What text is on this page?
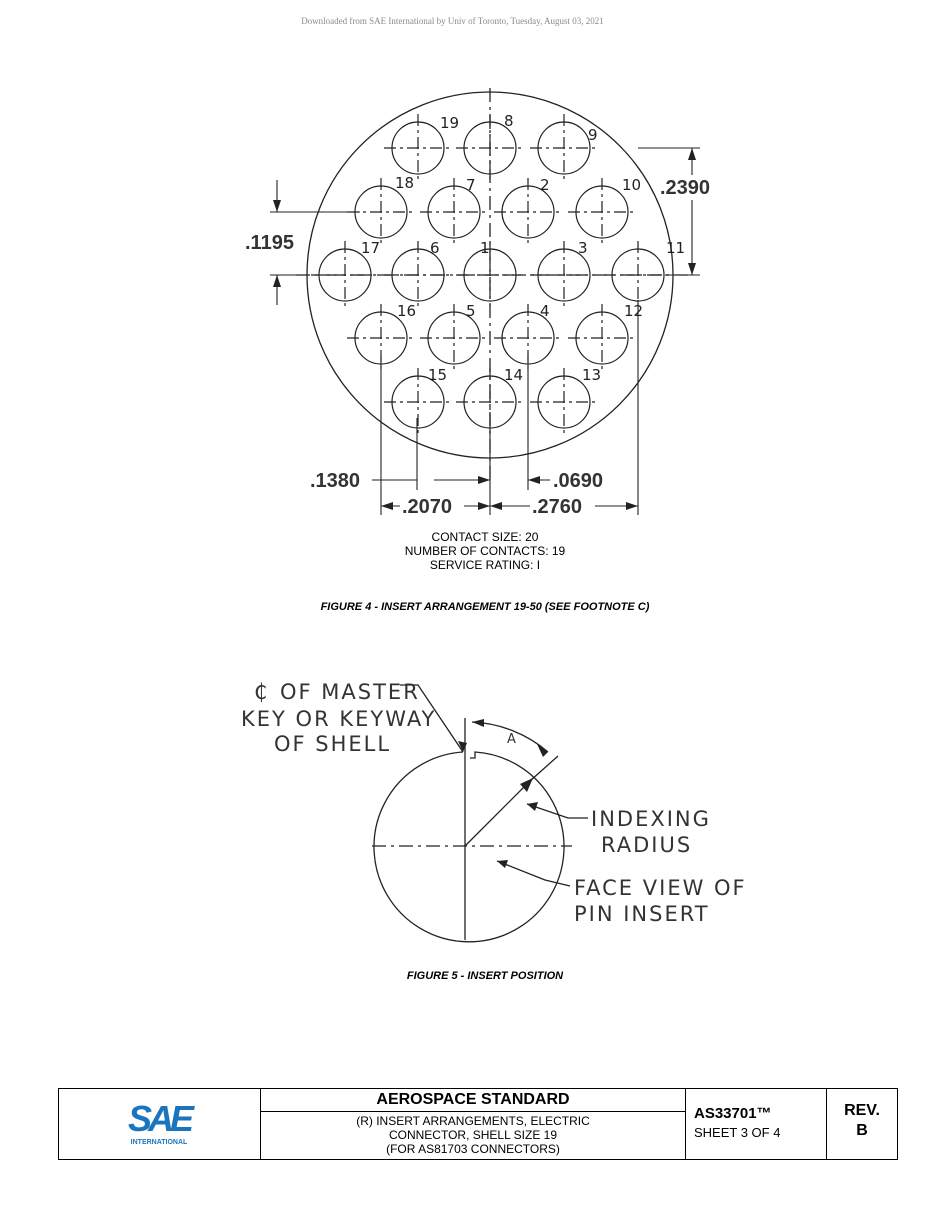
Downloaded from SAE International by Univ of Toronto, Tuesday, August 03, 2021
1
2
3
4
5
6
7
8
9
10
11
12
13
14
15
16
17
18
19
.1195
.2390
.1380	.0690
.2070	.2760
CONTACT SIZE: 20
NUMBER OF CONTACTS: 19
SERVICE RATING: I
FIGURE 4 - INSERT ARRANGEMENT 19-50 (SEE FOOTNOTE C)
₵ OF MASTER
KEY OR KEYWAY
OF SHELL
INDEXING
RADIUS
FACE VIEW OF
PIN INSERT
A
FIGURE 5 - INSERT POSITION
SAE
INTERNATIONAL
AEROSPACE STANDARD
(R) INSERT ARRANGEMENTS, ELECTRIC
CONNECTOR, SHELL SIZE 19
(FOR AS81703 CONNECTORS)
AS33701™
SHEET 3 OF 4
REV.
B
